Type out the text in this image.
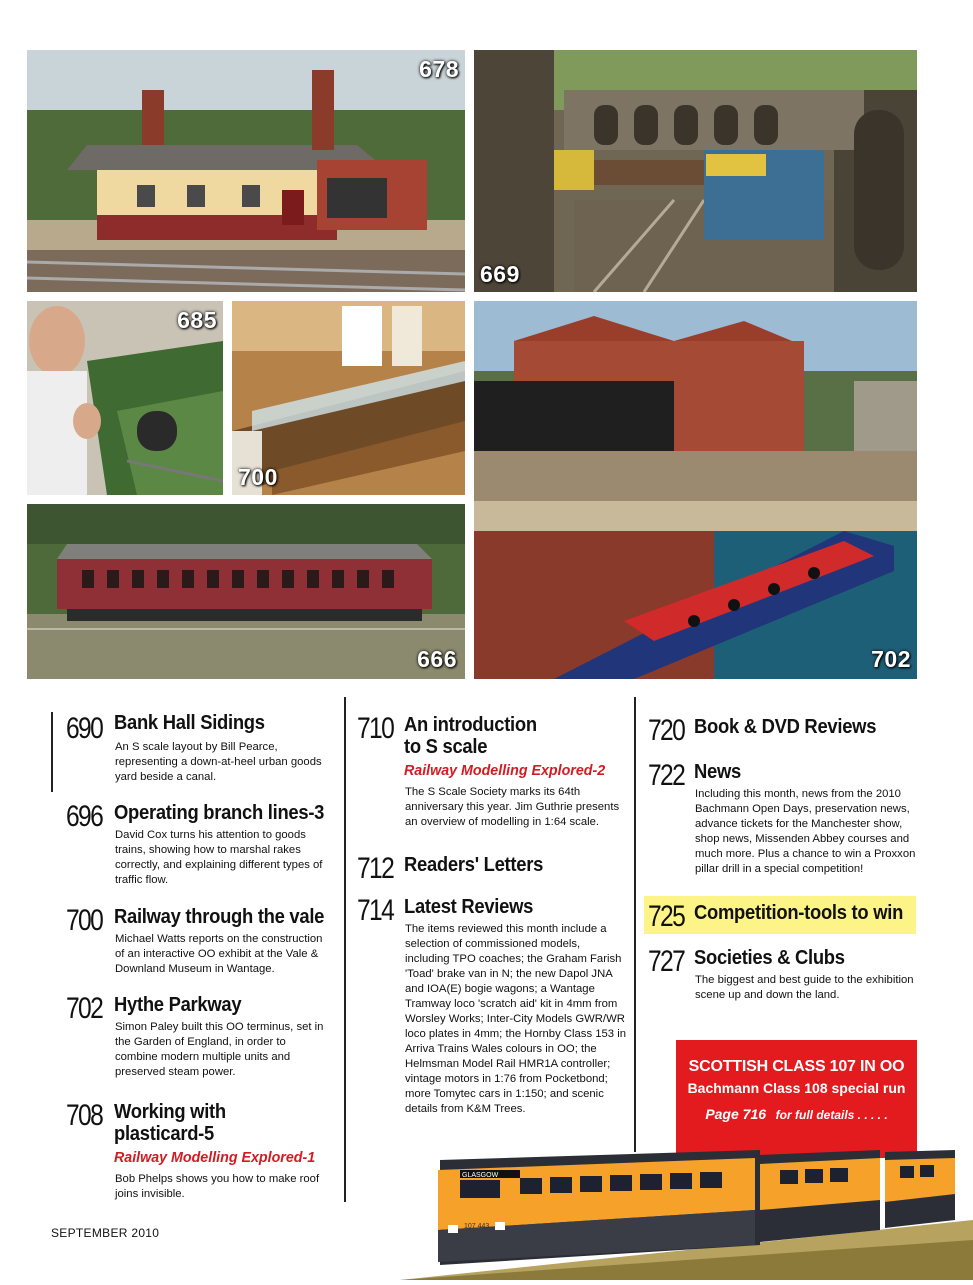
678
669
685
700
702
666
690 Bank Hall Sidings
An S scale layout by Bill Pearce, representing a down-at-heel urban goods yard beside a canal.
696 Operating branch lines-3
David Cox turns his attention to goods trains, showing how to marshal rakes correctly, and explaining different types of traffic flow.
700 Railway through the vale
Michael Watts reports on the construction of an interactive OO exhibit at the Vale & Downland Museum in Wantage.
702 Hythe Parkway
Simon Paley built this OO terminus, set in the Garden of England, in order to combine modern multiple units and preserved steam power.
708 Working with
plasticard-5
Railway Modelling Explored-1
Bob Phelps shows you how to make roof joins invisible.
710 An introduction
to S scale
Railway Modelling Explored-2
The S Scale Society marks its 64th anniversary this year. Jim Guthrie presents an overview of modelling in 1:64 scale.
712 Readers' Letters
714 Latest Reviews
The items reviewed this month include a selection of commissioned models, including TPO coaches; the Graham Farish 'Toad' brake van in N; the new Dapol JNA and IOA(E) bogie wagons; a Wantage Tramway loco 'scratch aid' kit in 4mm from Worsley Works; Inter-City Models GWR/WR loco plates in 4mm; the Hornby Class 153 in Arriva Trains Wales colours in OO; the Helmsman Model Rail HMR1A controller; vintage motors in 1:76 from Pocketbond; more Tomytec cars in 1:150; and scenic details from K&M Trees.
720 Book & DVD Reviews
722 News
Including this month, news from the 2010 Bachmann Open Days, preservation news, advance tickets for the Manchester show, shop news, Missenden Abbey courses and much more. Plus a chance to win a Proxxon pillar drill in a special competition!
725 Competition-tools to win
727 Societies & Clubs
The biggest and best guide to the exhibition scene up and down the land.
SCOTTISH CLASS 107 IN OO
Bachmann Class 108 special run
Page 716 for full details . . . . .
GLASGOW
107 443
SEPTEMBER 2010
